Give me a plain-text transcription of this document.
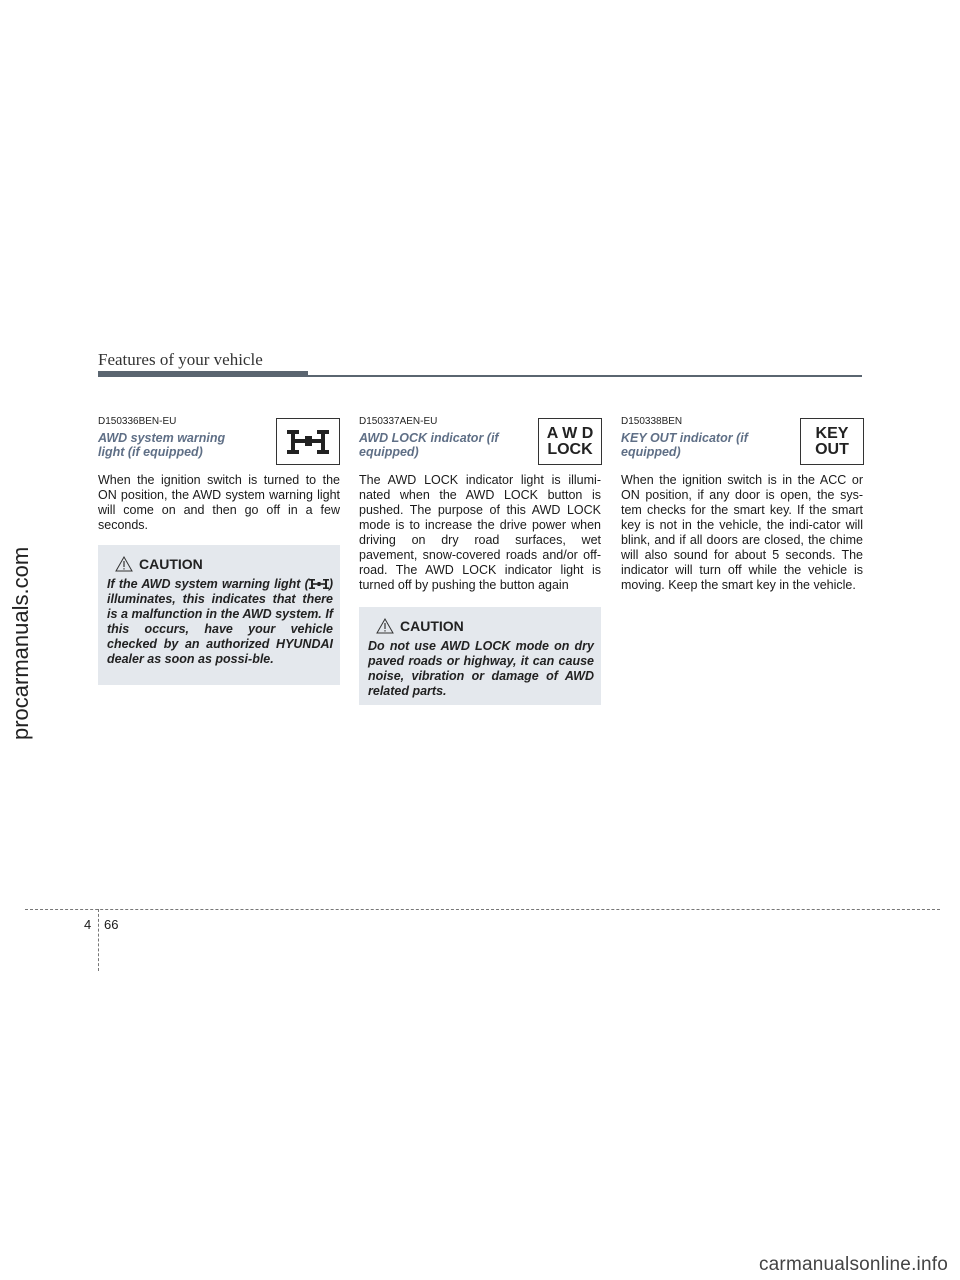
Features of your vehicle
D150336BEN-EU
AWD system warning light (if equipped)
When the ignition switch is turned to the ON position, the AWD system warning light will come on and then go off in a few seconds.
CAUTION
If the AWD system warning light ( ) illuminates, this indicates that there is a malfunction in the AWD system. If this occurs, have your vehicle checked by an authorized HYUNDAI dealer as soon as possi-ble.
D150337AEN-EU
AWD LOCK indicator (if equipped)
The AWD LOCK indicator light is illumi-nated when the AWD LOCK button is pushed. The purpose of this AWD LOCK mode is to increase the drive power when driving on dry road surfaces, wet pavement, snow-covered roads and/or off-road. The AWD LOCK indicator light is turned off by pushing the button again
A W D
LOCK
CAUTION
Do not use AWD LOCK mode on dry paved roads or highway, it can cause noise, vibration or damage of AWD related parts.
D150338BEN
KEY OUT indicator (if equipped)
When the ignition switch is in the ACC or ON position, if any door is open, the sys-tem checks for the smart key. If the smart key is not in the vehicle, the indi-cator will blink, and if all doors are closed, the chime will also sound for about 5 seconds. The indicator will turn off while the vehicle is moving. Keep the smart key in the vehicle.
KEY
OUT
procarmanuals.com
4 66
carmanualsonline.info
